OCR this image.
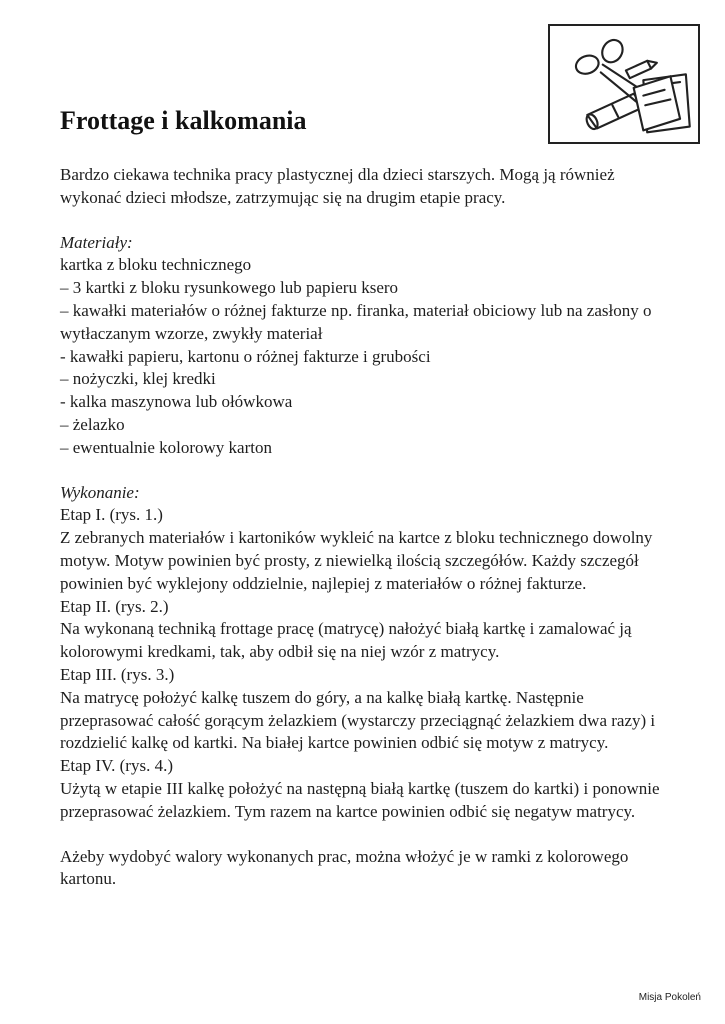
Frottage i kalkomania

Bardzo ciekawa technika pracy plastycznej dla dzieci starszych. Mogą ją również wykonać dzieci młodsze, zatrzymując się na drugim etapie pracy.

Materiały:

kartka z bloku technicznego

– 3 kartki z bloku rysunkowego lub papieru ksero

– kawałki materiałów o różnej fakturze np. firanka, materiał obiciowy lub na zasłony o wytłaczanym wzorze, zwykły materiał

- kawałki papieru, kartonu o różnej fakturze i grubości

– nożyczki, klej kredki

- kalka maszynowa lub ołówkowa

– żelazko

– ewentualnie kolorowy karton

Wykonanie:

Etap I. (rys. 1.)

Z zebranych materiałów i kartoników wykleić na kartce z bloku technicznego dowolny motyw. Motyw powinien być prosty, z niewielką ilością szczegółów. Każdy szczegół powinien być wyklejony oddzielnie, najlepiej z materiałów o różnej fakturze.

Etap II. (rys. 2.)

Na wykonaną techniką frottage pracę (matrycę) nałożyć białą kartkę i zamalować ją kolorowymi kredkami, tak, aby odbił się na niej wzór z matrycy.

Etap III. (rys. 3.)

Na matrycę położyć kalkę tuszem do góry, a na kalkę białą kartkę. Następnie przeprasować całość gorącym żelazkiem (wystarczy przeciągnąć żelazkiem dwa razy) i rozdzielić kalkę od kartki. Na białej kartce powinien odbić się motyw z matrycy.

Etap IV. (rys. 4.)

Użytą w etapie III kalkę położyć na następną białą kartkę (tuszem do kartki) i ponownie przeprasować żelazkiem. Tym razem na kartce powinien odbić się negatyw matrycy.

Ażeby wydobyć walory wykonanych prac, można włożyć je w ramki z kolorowego kartonu.

Misja Pokoleń
